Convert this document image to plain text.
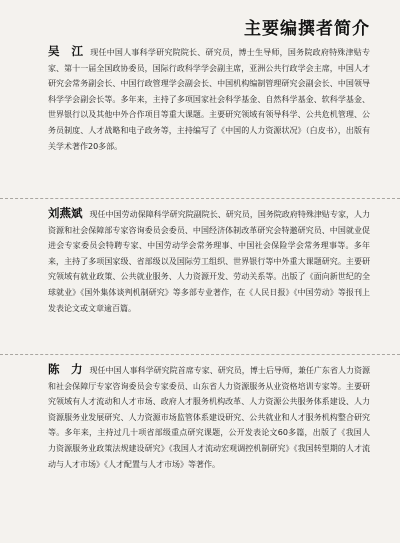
主要编撰者简介
吴　江 现任中国人事科学研究院院长、研究员，博士生导师，国务院政府特殊津贴专家、第十一届全国政协委员，国际行政科学学会副主席，亚洲公共行政学会主席，中国人才研究会常务副会长、中国行政管理学会副会长、中国机构编制管理研究会副会长、中国领导科学学会副会长等。多年来，主持了多项国家社会科学基金、自然科学基金、软科学基金、世界银行以及其他中外合作项目等重大课题。主要研究领域有领导科学、公共危机管理、公务员制度、人才战略和电子政务等，主持编写了《中国的人力资源状况》（白皮书），出版有关学术著作20多部。
刘燕斌 现任中国劳动保障科学研究院副院长、研究员，国务院政府特殊津贴专家，人力资源和社会保障部专家咨询委员会委员、中国经济体制改革研究会特邀研究员、中国就业促进会专家委员会特聘专家、中国劳动学会常务理事、中国社会保险学会常务理事等。多年来，主持了多项国家级、省部级以及国际劳工组织、世界银行等中外重大课题研究。主要研究领域有就业政策、公共就业服务、人力资源开发、劳动关系等。出版了《面向新世纪的全球就业》《国外集体谈判机制研究》等多部专业著作，在《人民日报》《中国劳动》等报刊上发表论文或文章逾百篇。
陈　力 现任中国人事科学研究院首席专家、研究员，博士后导师，兼任广东省人力资源和社会保障厅专家咨询委员会专家委员、山东省人力资源服务从业资格培训专家等。主要研究领域有人才流动和人才市场、政府人才服务机构改革、人力资源公共服务体系建设、人力资源服务业发展研究、人力资源市场监管体系建设研究、公共就业和人才服务机构整合研究等。多年来，主持过几十项省部级重点研究课题，公开发表论文60多篇，出版了《我国人力资源服务业政策法规建设研究》《我国人才流动宏观调控机制研究》《我国转型期的人才流动与人才市场》《人才配置与人才市场》等著作。
